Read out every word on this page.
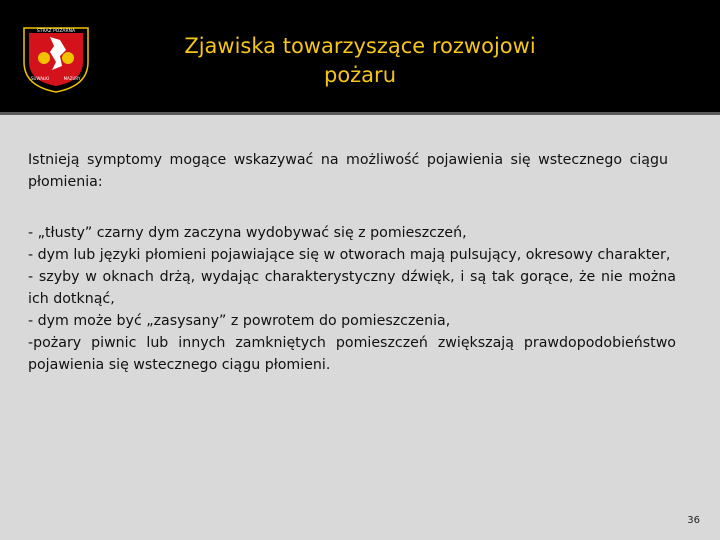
STRAŻ POŻARNA
SUWAŁKI	MAZURY
Zjawiska towarzyszące rozwojowi
pożaru
Istnieją symptomy mogące wskazywać na możliwość pojawienia się wstecznego ciągu płomienia:
- „tłusty” czarny dym zaczyna wydobywać się z pomieszczeń,
- dym lub języki płomieni pojawiające się w otworach mają pulsujący, okresowy charakter,
- szyby w oknach drżą, wydając charakterystyczny dźwięk, i są tak gorące, że nie można ich dotknąć,
- dym może być „zasysany” z powrotem do pomieszczenia,
-pożary piwnic lub innych zamkniętych pomieszczeń zwiększają prawdopodobieństwo pojawienia się wstecznego ciągu płomieni.
36
